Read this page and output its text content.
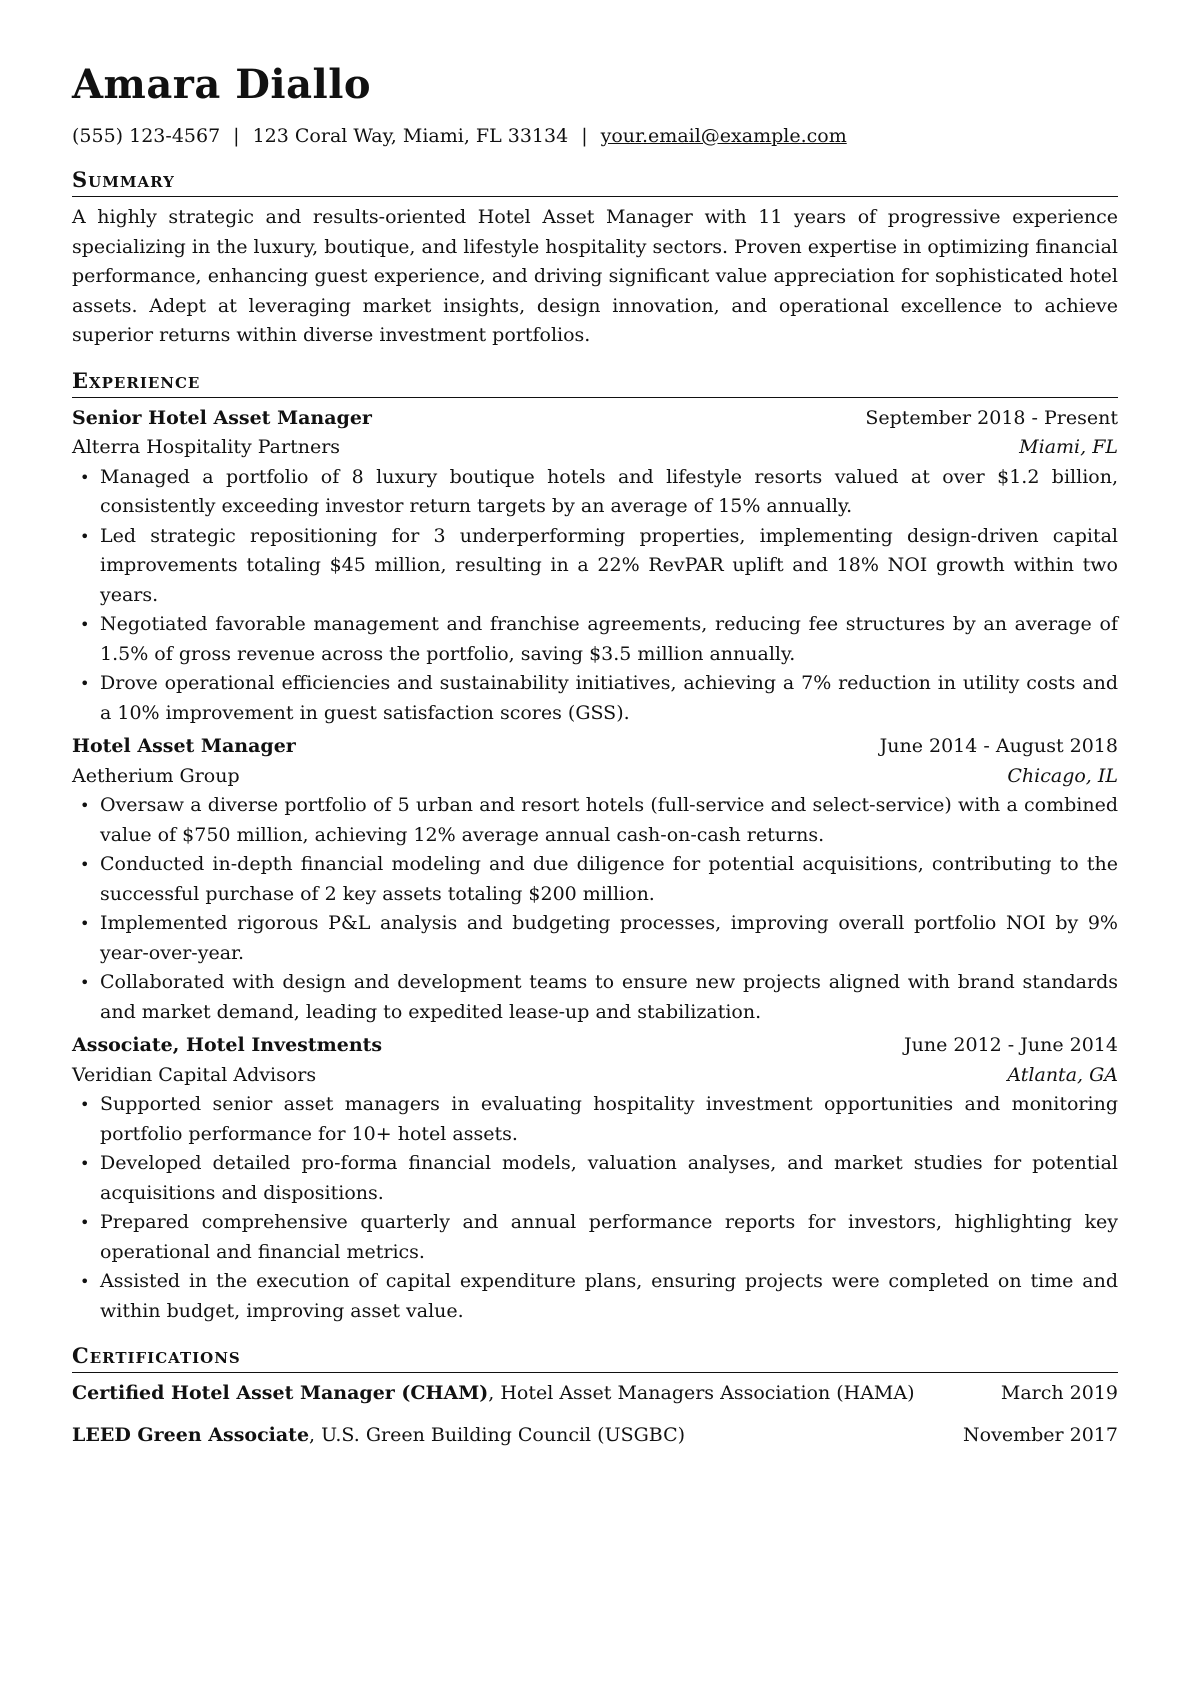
Amara Diallo
(555) 123-4567 | 123 Coral Way, Miami, FL 33134 | your.email@example.com
Summary

A highly strategic and results-oriented Hotel Asset Manager with 11 years of progressive experience specializing in the luxury, boutique, and lifestyle hospitality sectors. Proven expertise in optimizing financial performance, enhancing guest experience, and driving significant value appreciation for sophisticated hotel assets. Adept at leveraging market insights, design innovation, and operational excellence to achieve superior returns within diverse investment portfolios.

Experience
Senior Hotel Asset Manager	September 2018 - Present
Alterra Hospitality Partners	Miami, FL
• Managed a portfolio of 8 luxury boutique hotels and lifestyle resorts valued at over $1.2 billion, consistently exceeding investor return targets by an average of 15% annually.
• Led strategic repositioning for 3 underperforming properties, implementing design-driven capital improvements totaling $45 million, resulting in a 22% RevPAR uplift and 18% NOI growth within two years.
• Negotiated favorable management and franchise agreements, reducing fee structures by an average of 1.5% of gross revenue across the portfolio, saving $3.5 million annually.
• Drove operational efficiencies and sustainability initiatives, achieving a 7% reduction in utility costs and a 10% improvement in guest satisfaction scores (GSS).
Hotel Asset Manager	June 2014 - August 2018
Aetherium Group	Chicago, IL
• Oversaw a diverse portfolio of 5 urban and resort hotels (full-service and select-service) with a combined value of $750 million, achieving 12% average annual cash-on-cash returns.
• Conducted in-depth financial modeling and due diligence for potential acquisitions, contributing to the successful purchase of 2 key assets totaling $200 million.
• Implemented rigorous P&L analysis and budgeting processes, improving overall portfolio NOI by 9% year-over-year.
• Collaborated with design and development teams to ensure new projects aligned with brand standards and market demand, leading to expedited lease-up and stabilization.
Associate, Hotel Investments	June 2012 - June 2014
Veridian Capital Advisors	Atlanta, GA
• Supported senior asset managers in evaluating hospitality investment opportunities and monitoring portfolio performance for 10+ hotel assets.
• Developed detailed pro-forma financial models, valuation analyses, and market studies for potential acquisitions and dispositions.
• Prepared comprehensive quarterly and annual performance reports for investors, highlighting key operational and financial metrics.
• Assisted in the execution of capital expenditure plans, ensuring projects were completed on time and within budget, improving asset value.
Certifications
Certified Hotel Asset Manager (CHAM), Hotel Asset Managers Association (HAMA)	March 2019
LEED Green Associate, U.S. Green Building Council (USGBC)	November 2017
